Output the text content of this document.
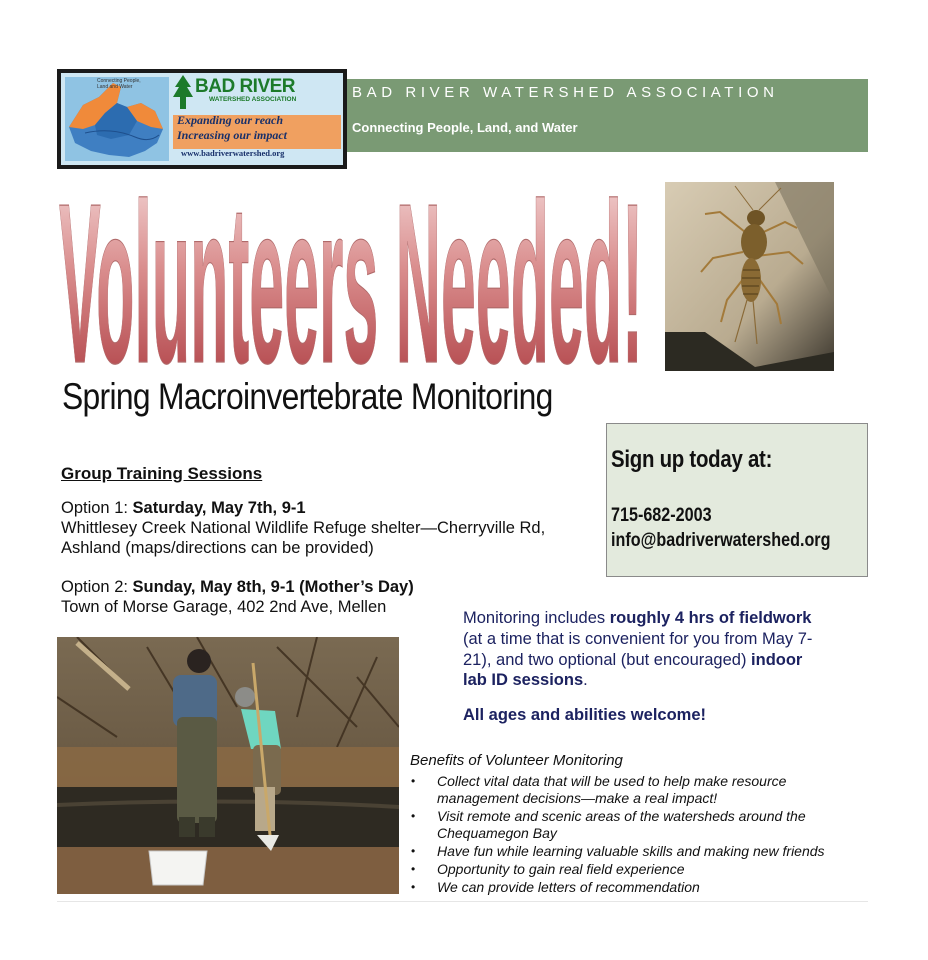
BAD RIVER WATERSHED ASSOCIATION
Connecting People, Land, and Water
Connecting People, Land and Water	BAD RIVER
WATERSHED ASSOCIATION
Expanding our reach
Increasing our impact
www.badriverwatershed.org
Volunteers Needed!
Spring Macroinvertebrate Monitoring
Sign up today at:
715-682-2003
info@badriverwatershed.org
Group Training Sessions
Option 1: Saturday, May 7th, 9-1
Whittlesey Creek National Wildlife Refuge shelter—Cherryville Rd,
Ashland (maps/directions can be provided)
Option 2: Sunday, May 8th, 9-1 (Mother’s Day)
Town of Morse Garage, 402 2nd Ave, Mellen
Monitoring includes roughly 4 hrs of fieldwork
(at a time that is convenient for you from May 7-
21), and two optional (but encouraged) indoor
lab ID sessions.
All ages and abilities welcome!
Benefits of Volunteer Monitoring
• Collect vital data that will be used to help make resource
management decisions—make a real impact!
• Visit remote and scenic areas of the watersheds around the
Chequamegon Bay
• Have fun while learning valuable skills and making new friends
• Opportunity to gain real field experience
• We can provide letters of recommendation
